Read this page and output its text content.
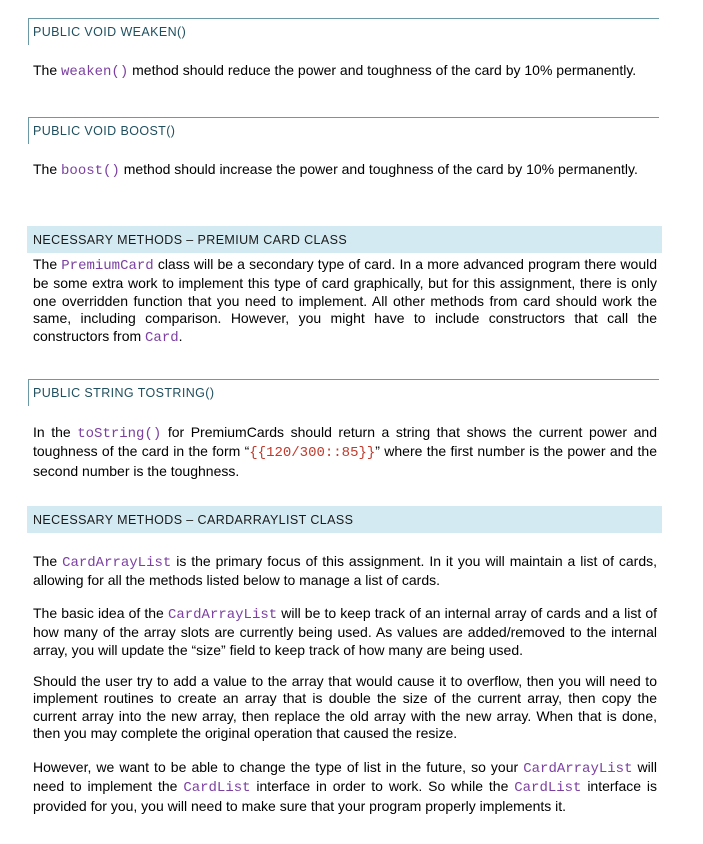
PUBLIC VOID WEAKEN()
The weaken() method should reduce the power and toughness of the card by 10% permanently.
PUBLIC VOID BOOST()
The boost() method should increase the power and toughness of the card by 10% permanently.
NECESSARY METHODS – PREMIUM CARD CLASS
The PremiumCard class will be a secondary type of card. In a more advanced program there would be some extra work to implement this type of card graphically, but for this assignment, there is only one overridden function that you need to implement. All other methods from card should work the same, including comparison. However, you might have to include constructors that call the constructors from Card.
PUBLIC STRING TOSTRING()
In the toString() for PremiumCards should return a string that shows the current power and toughness of the card in the form “{{120/300::85}}” where the first number is the power and the second number is the toughness.
NECESSARY METHODS – CARDARRAYLIST CLASS
The CardArrayList is the primary focus of this assignment. In it you will maintain a list of cards, allowing for all the methods listed below to manage a list of cards.
The basic idea of the CardArrayList will be to keep track of an internal array of cards and a list of how many of the array slots are currently being used. As values are added/removed to the internal array, you will update the “size” field to keep track of how many are being used.
Should the user try to add a value to the array that would cause it to overflow, then you will need to implement routines to create an array that is double the size of the current array, then copy the current array into the new array, then replace the old array with the new array. When that is done, then you may complete the original operation that caused the resize.
However, we want to be able to change the type of list in the future, so your CardArrayList will need to implement the CardList interface in order to work. So while the CardList interface is provided for you, you will need to make sure that your program properly implements it.
